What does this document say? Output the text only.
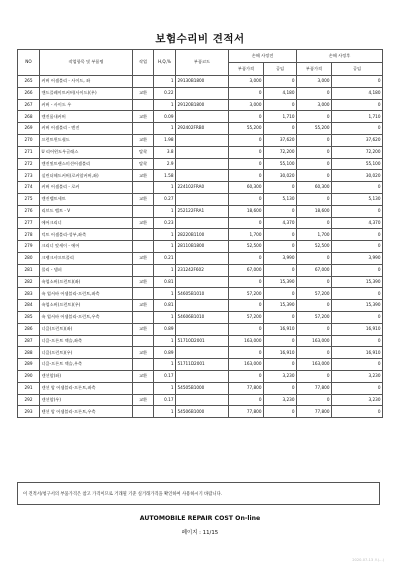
보험수리비 견적서
NO	작업항목 및 부품명	작업	H,Q,%	부품코드	손해 사정전		손해 사정후	
					부품가격	공임	부품가격	공임
265	커버 어셈블리 - 사이드, 좌		1	29130B1800	3,000	0	3,000	0
266	앤드플레이트커버(사이드)(우)	교환	0.22		0	4,180	0	4,180
267	커버 - 사이드 우		1	29120B1800	3,000	0	3,000	0
268	엔진룸내커버	교환	0.09		0	1,710	0	1,710
269	커버 어셈블리 - 엔진		1	292402FRB0	55,200	0	55,200	0
270	프런트윈드쉴드	교환	1.98		0	37,620	0	37,620
271	U 리어윈도우글래스	탈착	3.8		0	72,200	0	72,200
272	엔진및트랜스미션어셈블리	탈착	2.9		0	55,100	0	55,100
273	실린더헤드커버(로커암커버,좌)	교환	1.58		0	30,020	0	30,020
274	커버 어셈블리 - 로커		1	224102FRA0	60,300	0	60,300	0
275	엔진벨트세트	교환	0.27		0	5,130	0	5,130
276	리브드 벨트 - V		1	252122FRA1	18,600	0	18,600	0
277	에어크리너	교환	0.23		0	4,370	0	4,370
278	덕트 어셈블리-성부,좌측		1	28220B1100	1,700	0	1,700	0
279	크리너 앗세이 - 에어		1	28110B1800	52,500	0	52,500	0
280	크랭크샤프트풀리	교환	0.21		0	3,990	0	3,990
281	풀리 - 댐퍼		1	231242F602	67,000	0	67,000	0
282	쇽업소버(프런트)(좌)	교환	0.81		0	15,390	0	15,390
283	쇽 업서바 어셈블리-프런트,좌측		1	54605B1010	57,200	0	57,200	0
284	쇽업소버(프런트)(우)	교환	0.81		0	15,390	0	15,390
285	쇽 업서바 어셈블리-프런트,우측		1	54606B1010	57,200	0	57,200	0
286	너클(프런트)(좌)	교환	0.89		0	16,910	0	16,910
287	너클-프론트 액슬,좌측		1	51710D2001	163,000	0	163,000	0
288	너클(프런트)(우)	교환	0.89		0	16,910	0	16,910
289	너클-프론트 액슬,우측		1	51711D2001	163,000	0	163,000	0
290	덴션암(좌)	교환	0.17		0	3,230	0	3,230
291	덴션 암 어셈블리-프론트,좌측		1	54505B1000	77,800	0	77,800	0
292	덴션암(우)	교환	0.17		0	3,230	0	3,230
293	텐션 암 어셈블리-프론트,우측		1	54506B1000	77,800	0	77,800	0
이 견적서/청구서의 부품가격은 참고 가격이므로 거래될 기준 실거래가격을 확인하여 사용하시기 바랍니다.
AUTOMOBILE REPAIR COST On-line
페이지 : 11/15
2020-07-13 오(...)
